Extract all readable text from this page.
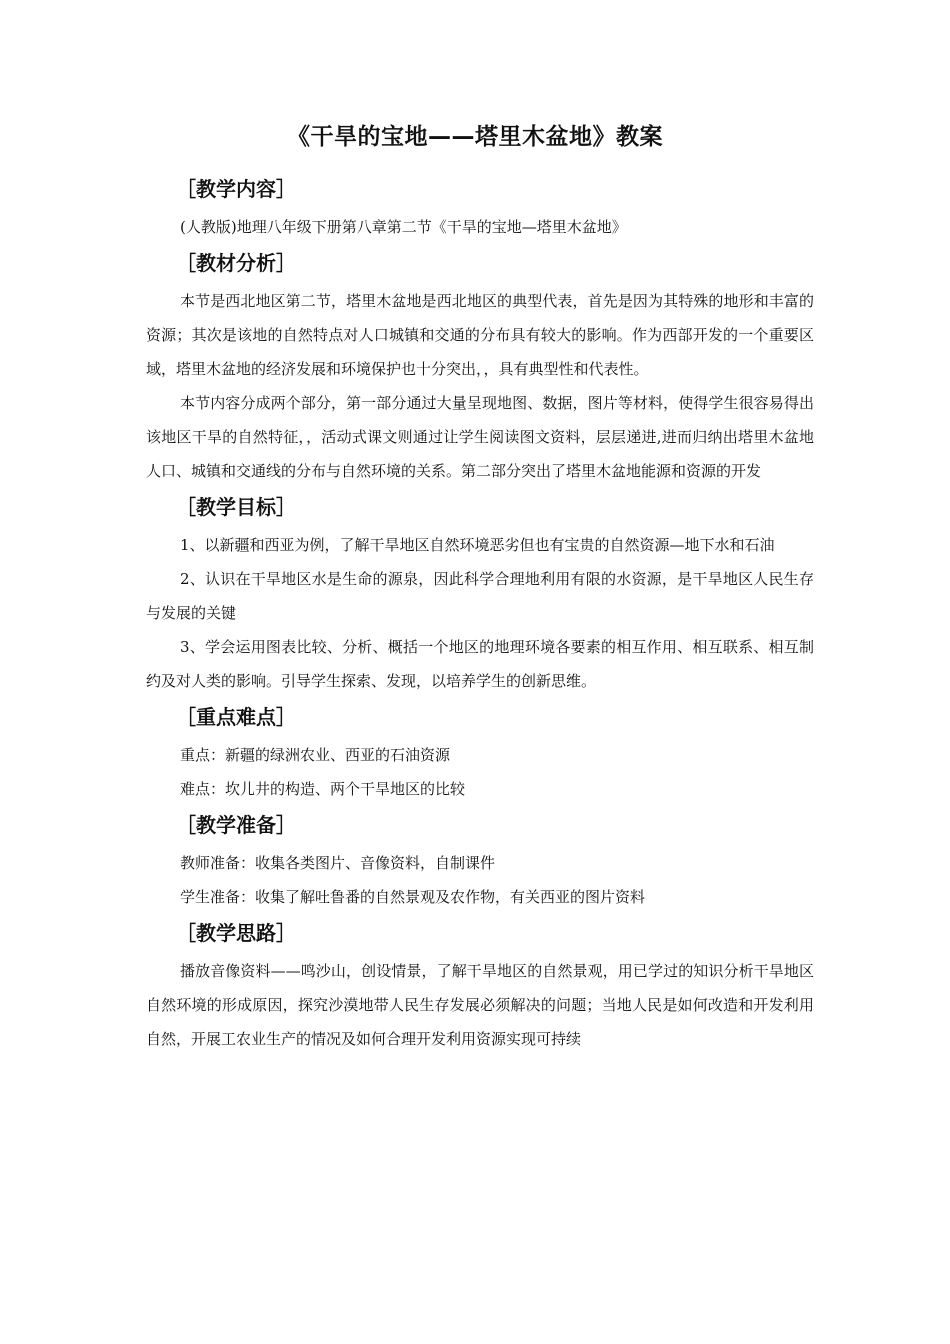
《干旱的宝地——塔里木盆地》教案
［教学内容］

(人教版)地理八年级下册第八章第二节《干旱的宝地—塔里木盆地》

［教材分析］

本节是西北地区第二节，塔里木盆地是西北地区的典型代表，首先是因为其特殊的地形和丰富的资源；其次是该地的自然特点对人口城镇和交通的分布具有较大的影响。作为西部开发的一个重要区域，塔里木盆地的经济发展和环境保护也十分突出，，具有典型性和代表性。

本节内容分成两个部分，第一部分通过大量呈现地图、数据，图片等材料，使得学生很容易得出该地区干旱的自然特征，，活动式课文则通过让学生阅读图文资料，层层递进,进而归纳出塔里木盆地人口、城镇和交通线的分布与自然环境的关系。第二部分突出了塔里木盆地能源和资源的开发

［教学目标］

1、以新疆和西亚为例，了解干旱地区自然环境恶劣但也有宝贵的自然资源—地下水和石油

2、认识在干旱地区水是生命的源泉，因此科学合理地利用有限的水资源，是干旱地区人民生存与发展的关键

3、学会运用图表比较、分析、概括一个地区的地理环境各要素的相互作用、相互联系、相互制约及对人类的影响。引导学生探索、发现，以培养学生的创新思维。

［重点难点］

重点：新疆的绿洲农业、西亚的石油资源

难点：坎儿井的构造、两个干旱地区的比较

［教学准备］

教师准备：收集各类图片、音像资料，自制课件

学生准备：收集了解吐鲁番的自然景观及农作物，有关西亚的图片资料

［教学思路］

播放音像资料——鸣沙山，创设情景，了解干旱地区的自然景观，用已学过的知识分析干旱地区自然环境的形成原因，探究沙漠地带人民生存发展必须解决的问题；当地人民是如何改造和开发利用自然，开展工农业生产的情况及如何合理开发利用资源实现可持续
